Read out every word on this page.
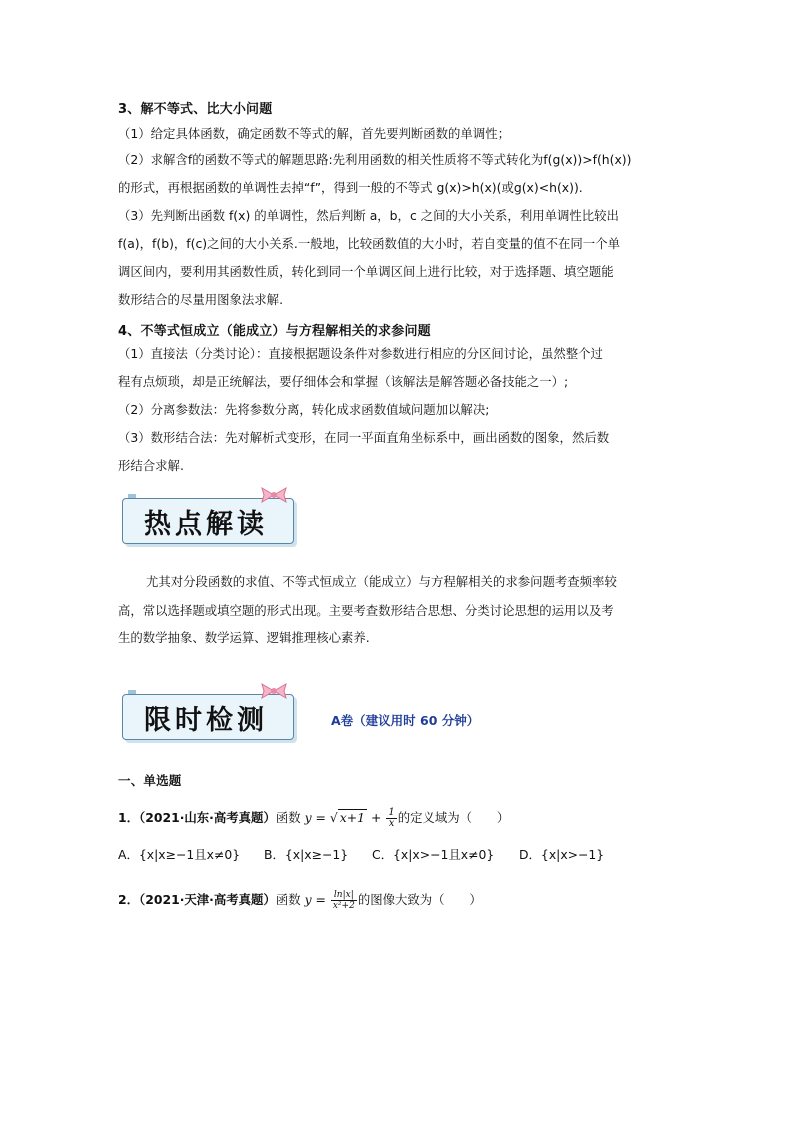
3、解不等式、比大小问题
（1）给定具体函数，确定函数不等式的解，首先要判断函数的单调性；
（2）求解含f的函数不等式的解题思路:先利用函数的相关性质将不等式转化为f(g(x))>f(h(x))
的形式，再根据函数的单调性去掉“f”，得到一般的不等式 g(x)>h(x)(或g(x)<h(x)).
（3）先判断出函数 f(x) 的单调性，然后判断 a，b，c 之间的大小关系，利用单调性比较出
f(a)，f(b)，f(c)之间的大小关系.一般地，比较函数值的大小时，若自变量的值不在同一个单
调区间内，要利用其函数性质，转化到同一个单调区间上进行比较，对于选择题、填空题能
数形结合的尽量用图象法求解.
4、不等式恒成立（能成立）与方程解相关的求参问题
（1）直接法（分类讨论）：直接根据题设条件对参数进行相应的分区间讨论，虽然整个过
程有点烦琐，却是正统解法，要仔细体会和掌握（该解法是解答题必备技能之一）;
（2）分离参数法：先将参数分离，转化成求函数值域问题加以解决;
（3）数形结合法：先对解析式变形，在同一平面直角坐标系中，画出函数的图象，然后数
形结合求解.
热点解读
尤其对分段函数的求值、不等式恒成立（能成立）与方程解相关的求参问题考查频率较
高，常以选择题或填空题的形式出现。主要考查数形结合思想、分类讨论思想的运用以及考
生的数学抽象、数学运算、逻辑推理核心素养.
限时检测	A卷（建议用时 60 分钟）
一、单选题
1．（2021·山东·高考真题）函数 y = √ $x+1 + \frac{1}{x}$ 的定义域为（　　）
A．{x|x≥−1且x≠0} B．{x|x≥−1} C．{x|x>−1且x≠0} D．{x|x>−1}
2．（2021·天津·高考真题）函数 $y = \frac{\ln|x|}{\text{x²+2}}$ 的图像大致为（　　）
